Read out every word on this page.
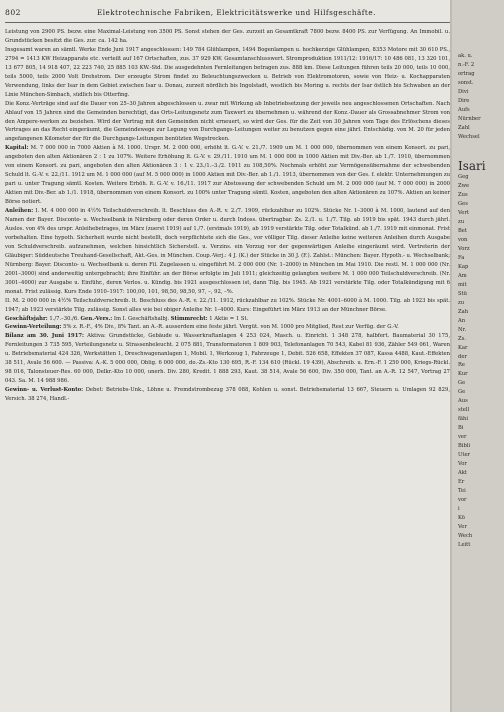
802	Elektrotechnische Fabriken, Elektricitätswerke und Hilfsgeschäfte.

Leistung von 2900 PS. bezw. eine Maximal-Leistung von 3500 PS. Sonst stehen der Ges. zurzeit an Gesamtkraft 7800 bezw. 8400 PS. zur Verfügung. An Immobil. u. Grundstücken besitzt die Ges. zur. ca. 142 ha.

Insgesamt waren an sämtl. Werke Ende Juni 1917 angeschlossen: 149 784 Glühlampen, 1494 Bogenlampen u. hochkerzige Glühlampen, 8353 Motore mit 30 610 PS., 2794 = 1413 KW Heizapparate etc. verteilt auf 167 Ortschaften, zus. 37 929 KW. Gesamtanschlusswert. Stromproduktion 1911/12: 1916/17: 10 486 081, 13 320 101, 13 677 805, 14 918 407, 22 223 740, 25 885 103 KW.-Std. Die ausgedehnten Fernleitungen betragen zus. 888 km. Diese Leitungen führen teils 20 000, teils 10 000, teils 5000, teils 2000 Volt Drehstrom. Der erzeugte Strom findet zu Beleuchtungszwecken u. Betrieb von Elektromotoren, sowie von Heiz- u. Kochapparaten Verwendung, links der Isar in dem Gebiet zwischen Isar u. Donau, zurzeit nördlich bis Ingolstadt, westlich bis Moring u. rechts der Isar östlich bis Schwaben an der Linie München-Simbach, südlich bis Otterfing.

Die Konz.-Verträge sind auf die Dauer von 25–30 Jahren abgeschlossen u. zwar mit Wirkung ab Inbetriebsetzung der jeweils neu angeschlossenen Ortschaften. Nach Ablauf von 15 Jahren sind die Gemeinden berechtigt, das Orts-Leitungsnetz zum Taxwert zu übernehmen u. während der Konz.-Dauer als Grossabnehmer Strom von den Ampere-werken zu beziehen. Wird der Vertrag mit den Gemeinden nicht erneuert, so wird der Ges. für die Zeit von 30 Jahren vom Tage des Erlöschens dieses Vertrages an das Recht eingeräumt, die Gemeindewege zur Legung von Durchgangs-Leitungen weiter zu benutzen gegen eine jährl. Entschädig. von M. 20 für jeden angefangenen Kilometer der für die Durchgangs-Leitungen benützten Wegstrecken.

Kapital: M. 7 000 000 in 7000 Aktien à M. 1000. Urspr. M. 2 000 000, erhöht lt. G.-V. v. 21./7. 1909 um M. 1 000 000, übernommen von einem Konsort. zu pari, angeboten den alten Aktionären 2 : 1 zu 107%. Weitere Erhöhung lt. G.-V. v. 29./11. 1910 um M. 1 000 000 in 1000 Aktien mit Div.-Ber. ab 1./7. 1910, übernommen von einem Konsort. zu pari, angeboten den alten Aktionären 3 : 1 v. 23./1.–3./2. 1911 zu 108,50%. Nochmals erhöht zur Vermögensübernahme der schwebenden Schuld lt. G.-V. v. 22./11. 1912 um M. 1 000 000 (auf M. 5 000 000) in 1000 Aktien mit Div.-Ber. ab 1./1. 1913, übernommen von der Ges. f. elektr. Unternehmungen zu pari u. unter Tragung sämtl. Kosten. Weitere Erhöh. lt. G.-V. v. 16./11. 1917 zur Abstossung der schwebenden Schuld um M. 2 000 000 (auf M. 7 000 000) in 2000 Aktien mit Div.-Ber. ab 1./1. 1918, übernommen von einem Konsort. zu 100% unter Tragung sämtl. Kosten, angeboten den alten Aktionären zu 107%. Aktien an keiner Börse notiert.

Anleihen: I. M. 4 000 000 in 4½% Teilschuldverschreib. lt. Beschluss des A.-R. v. 2./7. 1909, rückzahlbar zu 102%. Stücke Nr. 1–3000 à M. 1000, lautend auf den Namen der Bayer. Disconto- u. Wechselbank in Nürnberg oder deren Order u. durch Indoss. übertragbar. Zs. 2./1. u. 1./7. Tilg. ab 1919 bis spät. 1943 durch jährl. Auslos. von 4% des urspr. Anleihebetrages, im März (zuerst 1919) auf 1./7. (erstmals 1919), ab 1919 verstärkte Tilg. oder Totalkünd. ab 1./7. 1919 mit einmonat. Frist vorbehalten. Eine hypoth. Sicherheit wurde nicht bestellt, doch verpflichtete sich die Ges., vor völliger Tilg. dieser Anleihe keine weiteren Anleihen durch Ausgabe von Schuldverschreib. aufzunehmen, welchen hinsichtlich Sicherstell. u. Verzins. ein Vorzug vor der gegenwärtigen Anleihe eingeräumt wird. Vertreterin der Gläubiger: Süddeutsche Treuhand-Gesellschaft, Akt.-Ges. in München. Coup.-Verj.: 4 J. (K.) der Stücke in 30 J. (F.). Zahlst.: München: Bayer. Hypoth.- u. Wechselbank; Nürnberg: Bayer. Disconto- u. Wechselbank u. deren Fil. Zugelassen u. eingeführt M. 2 000 000 (Nr. 1–2000) in München im Mai 1910. Die restl. M. 1 000 000 (Nr. 2001–3000) sind anderweitig untergebracht; ihre Einführ. an der Börse erfolgte im Juli 1911; gleichzeitig gelangten weitere M. 1 000 000 Teilschuldverschreib. (Nr. 3001–4000) zur Ausgabe u. Einführ., deren Verlos. u. Kündig. bis 1921 ausgeschlossen ist, dann Tilg. bis 1945. Ab 1921 verstärkte Tilg. oder Totalkündigung mit 6 monat. Frist zulässig. Kurs Ende 1910–1917: 100,00, 101, 98,50, 98,50, 97, –, 92, –%.

II. M. 2 000 000 in 4½% Teilschuldverschreib. lt. Beschluss des A.-R. v. 22./11. 1912, rückzahlbar zu 102%. Stücke Nr. 4001–6000 à M. 1000. Tilg. ab 1923 bis spät. 1947; ab 1923 verstärkte Tilg. zulässig. Sonst alles wie bei obiger Anleihe Nr. 1–4000. Kurs: Eingeführt im März 1913 an der Münchner Börse.

Geschäftsjahr: 1./7.–30./6. Gen.-Vers.: Im I. Geschäftshalbj. Stimmrecht: 1 Aktie = 1 St.

Gewinn-Verteilung: 5% z. R.-F., 4% Div., 8% Tant. an A.-R. ausserdem eine feste jährl. Vergüt. von M. 1000 pro Mitglied, Rest zur Verfüg. der G.-V.

Bilanz am 30. Juni 1917: Aktiva: Grundstücke, Gebäude u. Wasserkraftanlagen 4 253 024, Masch. u. Einricht. 1 348 278, halbfert. Baumaterial 30 175, Fernleitungen 3 735 595, Verteilungsnetz u. Strassenbeleucht. 2 075 881, Transformatoren 1 809 903, Telefonanlagen 70 543, Kabel 81 936, Zähler 549 061, Waren u. Betriebsmaterial 424 326, Werkstätten 1, Dreschwagenanlagen 1, Mobil. 1, Werkzeug 1, Fahrzeuge 1, Debit. 526 658, Effekten 37 087, Kassa 4488, Kaut.-Effekten 38 511, Avale 56 600. — Passiva: A.-K. 5 000 000, Oblig. 6 000 000, do.-Zs.-Kto 130 695, R.-F. 134 610 (Rückl. 19 439), Abschreib. u. Ern.-F. 1 250 000, Kriegs-Rückl. 98 016, Talonsteuer-Res. 60 000, Delkr.-Kto 10 000, unerh. Div. 280, Kredit. 1 888 293, Kaut. 38 514, Avale 56 600, Div. 350 000, Tant. an A.-R. 12 547, Vortrag 27 043. Sa. M. 14 988 986.

Gewinn- u. Verlust-Konto: Debet: Betriebs-Unk., Löhne u. Fremdstrombezug 378 088, Kohlen u. sonst. Betriebsmaterial 13 667, Steuern u. Umlagen 92 829, Versich. 38 274, Handl.-

ak. u.
n.-F. 2
ortrag
sonst.
Divi
Dire
Aufs
Nürnber
Zahl
Wechsel

Isari
Geg
Zwe
Zus
Ges
Vert
zu
Bet
von
Vorz
Fa
Kap
Am
mit
Stü
zu
Zah
An
Nr.
Zs.
Kar
der
Re
Kur
Ge
Ge
Aus
stell
fähi
Bi
ver
Bibli
Uter
Vor
Akt
Er
Tei
vor
i
Kö
Ver
Wech
Leitt
